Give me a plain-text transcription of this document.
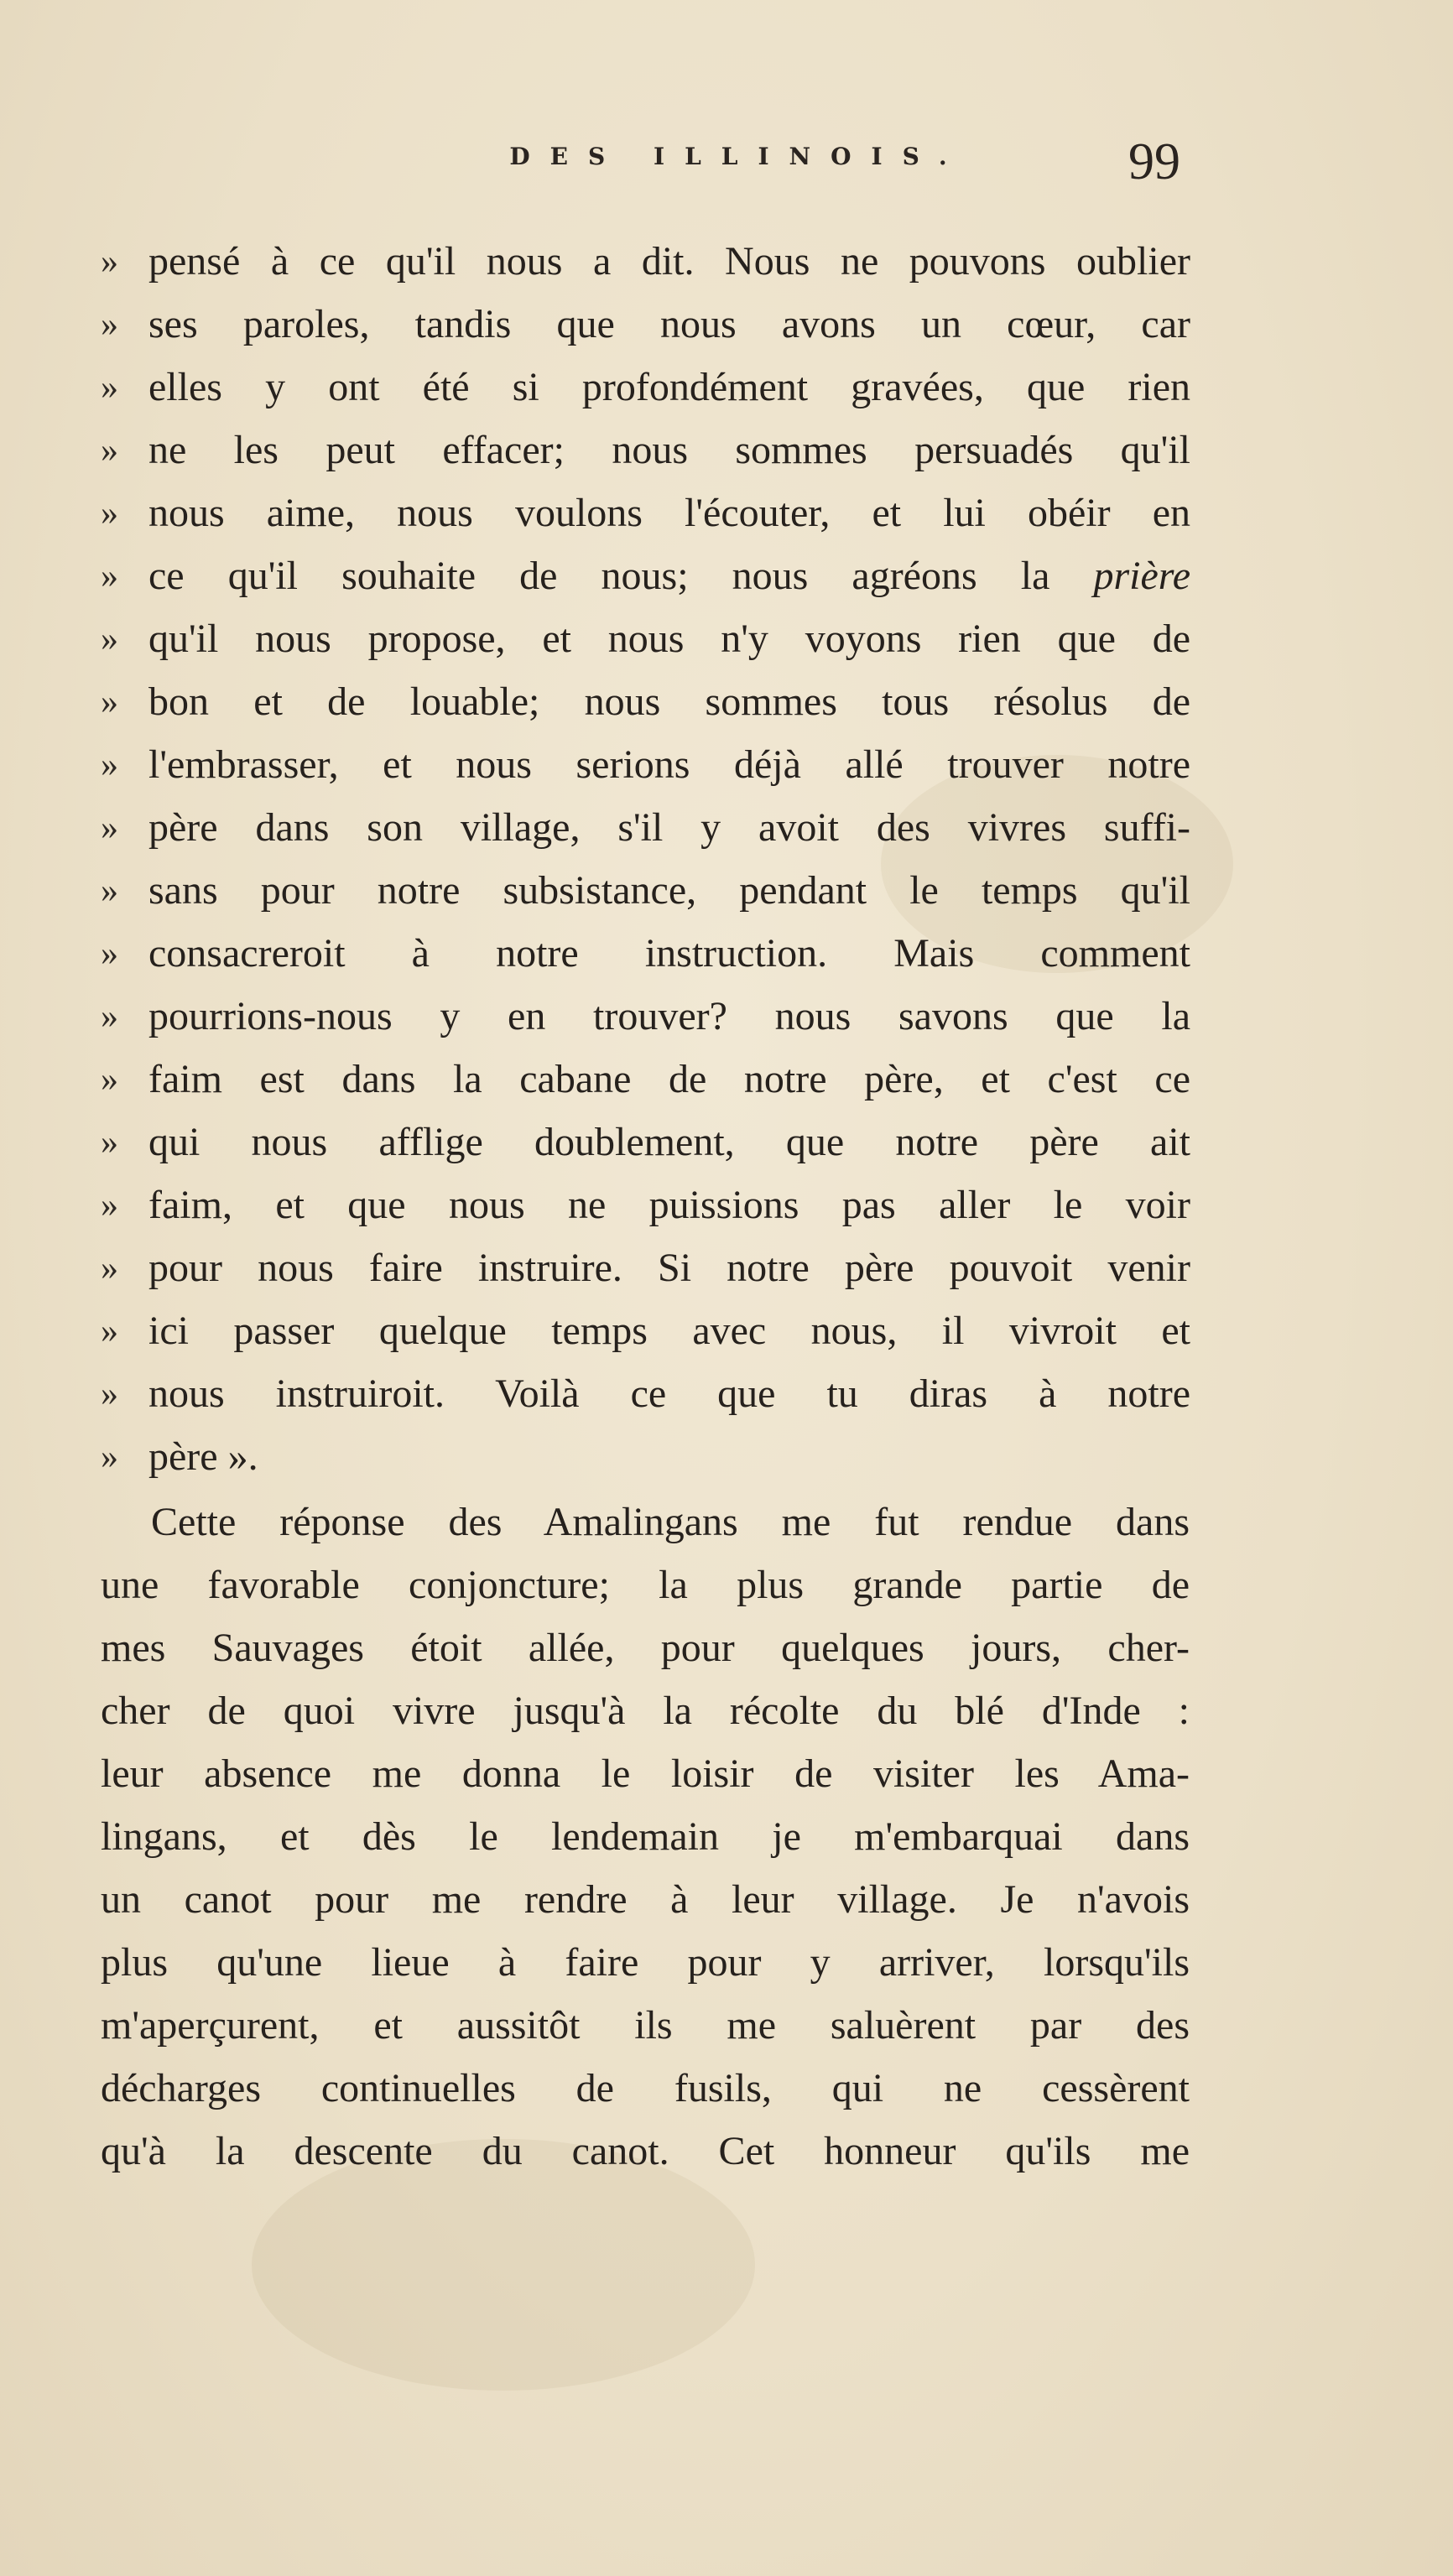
DES ILLINOIS.	99
» pensé à ce qu'il nous a dit. Nous ne pouvons oublier
» ses paroles, tandis que nous avons un cœur, car
» elles y ont été si profondément gravées, que rien
» ne les peut effacer; nous sommes persuadés qu'il
» nous aime, nous voulons l'écouter, et lui obéir en
» ce qu'il souhaite de nous; nous agréons la prière
» qu'il nous propose, et nous n'y voyons rien que de
» bon et de louable; nous sommes tous résolus de
» l'embrasser, et nous serions déjà allé trouver notre
» père dans son village, s'il y avoit des vivres suffi-
» sans pour notre subsistance, pendant le temps qu'il
» consacreroit à notre instruction. Mais comment
» pourrions-nous y en trouver? nous savons que la
» faim est dans la cabane de notre père, et c'est ce
» qui nous afflige doublement, que notre père ait
» faim, et que nous ne puissions pas aller le voir
» pour nous faire instruire. Si notre père pouvoit venir
» ici passer quelque temps avec nous, il vivroit et
» nous instruiroit. Voilà ce que tu diras à notre
» père ».
Cette réponse des Amalingans me fut rendue dans
une favorable conjoncture; la plus grande partie de
mes Sauvages étoit allée, pour quelques jours, cher-
cher de quoi vivre jusqu'à la récolte du blé d'Inde :
leur absence me donna le loisir de visiter les Ama-
lingans, et dès le lendemain je m'embarquai dans
un canot pour me rendre à leur village. Je n'avois
plus qu'une lieue à faire pour y arriver, lorsqu'ils
m'aperçurent, et aussitôt ils me saluèrent par des
décharges continuelles de fusils, qui ne cessèrent
qu'à la descente du canot. Cet honneur qu'ils me
